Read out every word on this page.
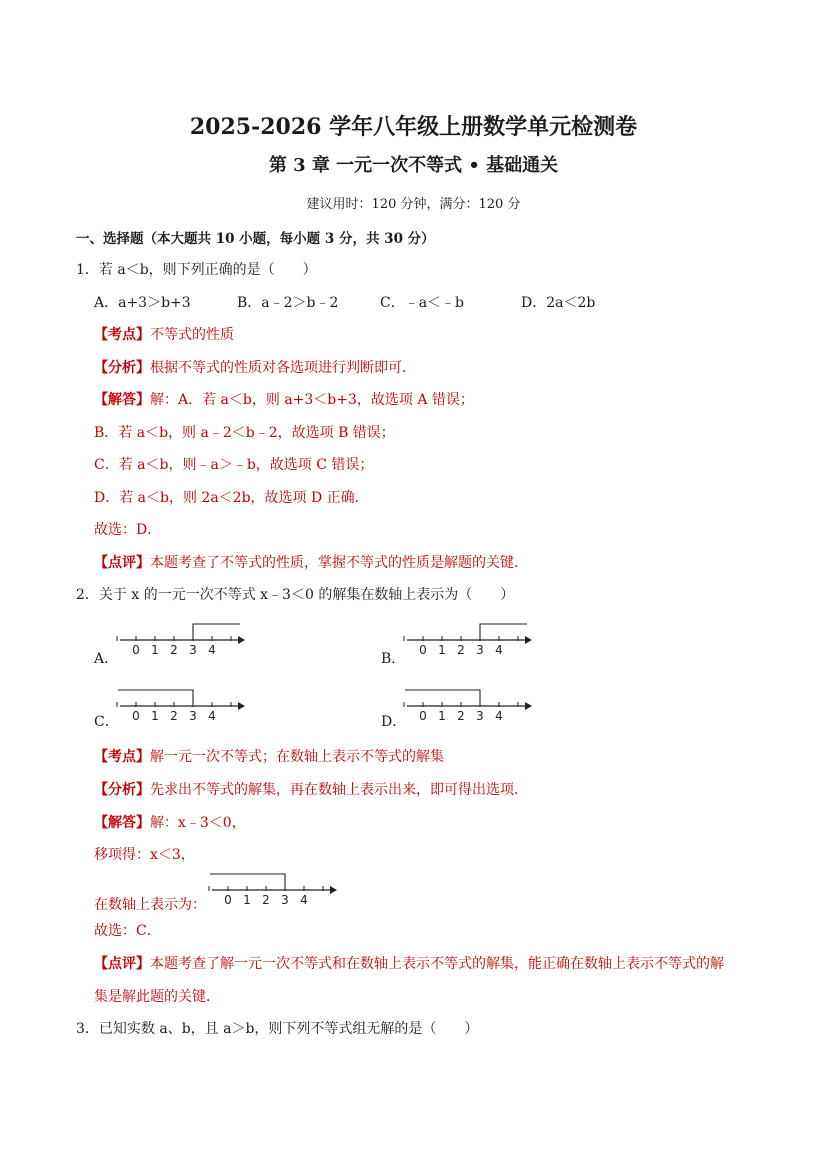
2025-2026 学年八年级上册数学单元检测卷
第 3 章 一元一次不等式 • 基础通关
建议用时：120 分钟，满分：120 分
一、选择题（本大题共 10 小题，每小题 3 分，共 30 分）
1．若 a＜b，则下列正确的是（　　）
A．a+3＞b+3	B．a﹣2＞b﹣2	C．﹣a＜﹣b	D．2a＜2b
【考点】不等式的性质
【分析】根据不等式的性质对各选项进行判断即可．
【解答】解：A．若 a＜b，则 a+3＜b+3，故选项 A 错误；
B．若 a＜b，则 a﹣2＜b﹣2，故选项 B 错误；
C．若 a＜b，则﹣a＞﹣b，故选项 C 错误；
D．若 a＜b，则 2a＜2b，故选项 D 正确．
故选：D．
【点评】本题考查了不等式的性质，掌握不等式的性质是解题的关键．
2．关于 x 的一元一次不等式 x﹣3＜0 的解集在数轴上表示为（　　）
A．
0 1 2 3 4
B．
0 1 2 3 4
C． 0 1 2 3 4	D． 0 1 2 3 4
【考点】解一元一次不等式；在数轴上表示不等式的解集
【分析】先求出不等式的解集，再在数轴上表示出来，即可得出选项．
【解答】解：x﹣3＜0，
移项得：x＜3，
在数轴上表示为： 0 1 2 3 4
故选：C．
【点评】本题考查了解一元一次不等式和在数轴上表示不等式的解集，能正确在数轴上表示不等式的解
集是解此题的关键．
3．已知实数 a、b，且 a＞b，则下列不等式组无解的是（　　）
